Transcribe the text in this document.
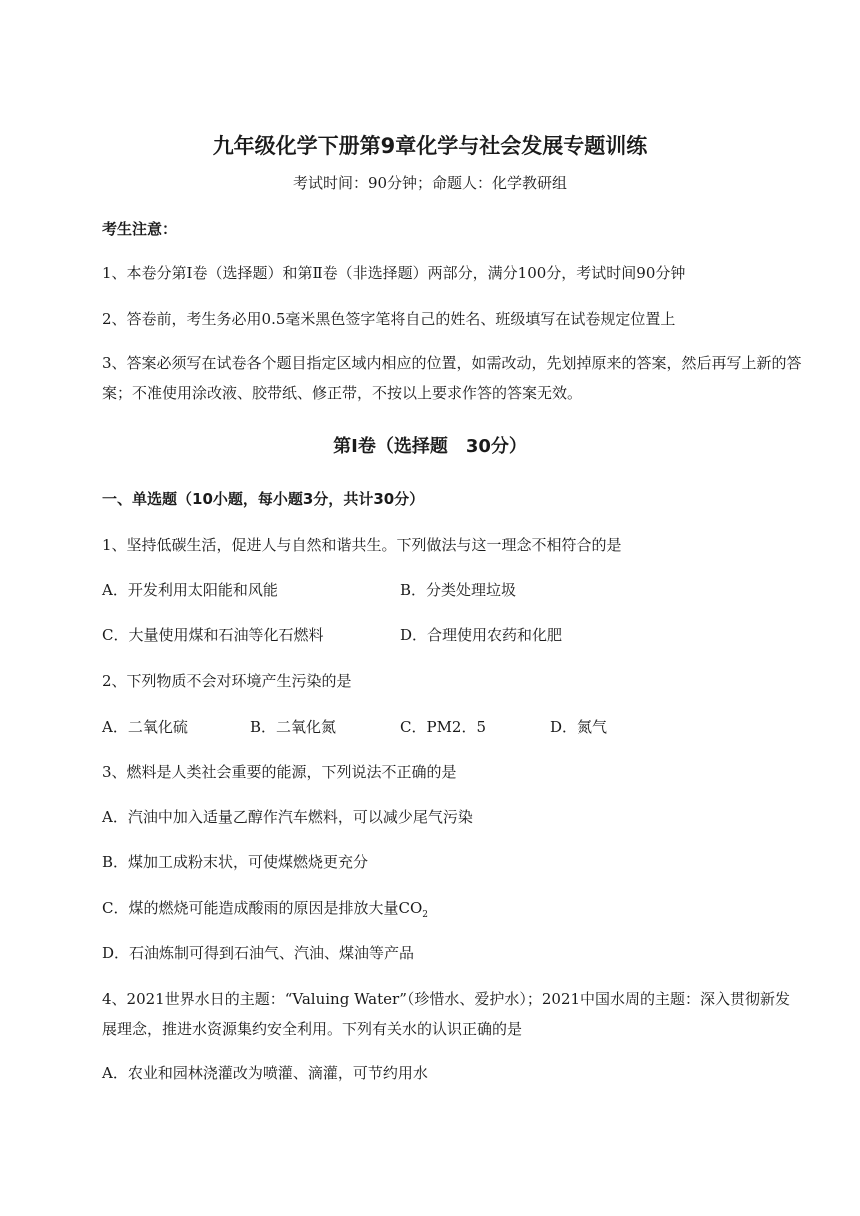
九年级化学下册第9章化学与社会发展专题训练
考试时间：90分钟；命题人：化学教研组
考生注意：
1、本卷分第Ⅰ卷（选择题）和第Ⅱ卷（非选择题）两部分，满分100分，考试时间90分钟
2、答卷前，考生务必用0.5毫米黑色签字笔将自己的姓名、班级填写在试卷规定位置上
3、答案必须写在试卷各个题目指定区域内相应的位置，如需改动，先划掉原来的答案，然后再写上新的答案；不准使用涂改液、胶带纸、修正带，不按以上要求作答的答案无效。
第Ⅰ卷（选择题　30分）
一、单选题（10小题，每小题3分，共计30分）
1、坚持低碳生活，促进人与自然和谐共生。下列做法与这一理念不相符合的是
A．开发利用太阳能和风能	B．分类处理垃圾
C．大量使用煤和石油等化石燃料	D．合理使用农药和化肥
2、下列物质不会对环境产生污染的是
A．二氧化硫	B．二氧化氮	C．PM2．5	D．氮气
3、燃料是人类社会重要的能源，下列说法不正确的是
A．汽油中加入适量乙醇作汽车燃料，可以减少尾气污染
B．煤加工成粉末状，可使煤燃烧更充分
C．煤的燃烧可能造成酸雨的原因是排放大量$CO_2$
D．石油炼制可得到石油气、汽油、煤油等产品
4、2021世界水日的主题：“Valuing Water”（珍惜水、爱护水）；2021中国水周的主题：深入贯彻新发展理念，推进水资源集约安全利用。下列有关水的认识正确的是
A．农业和园林浇灌改为喷灌、滴灌，可节约用水
